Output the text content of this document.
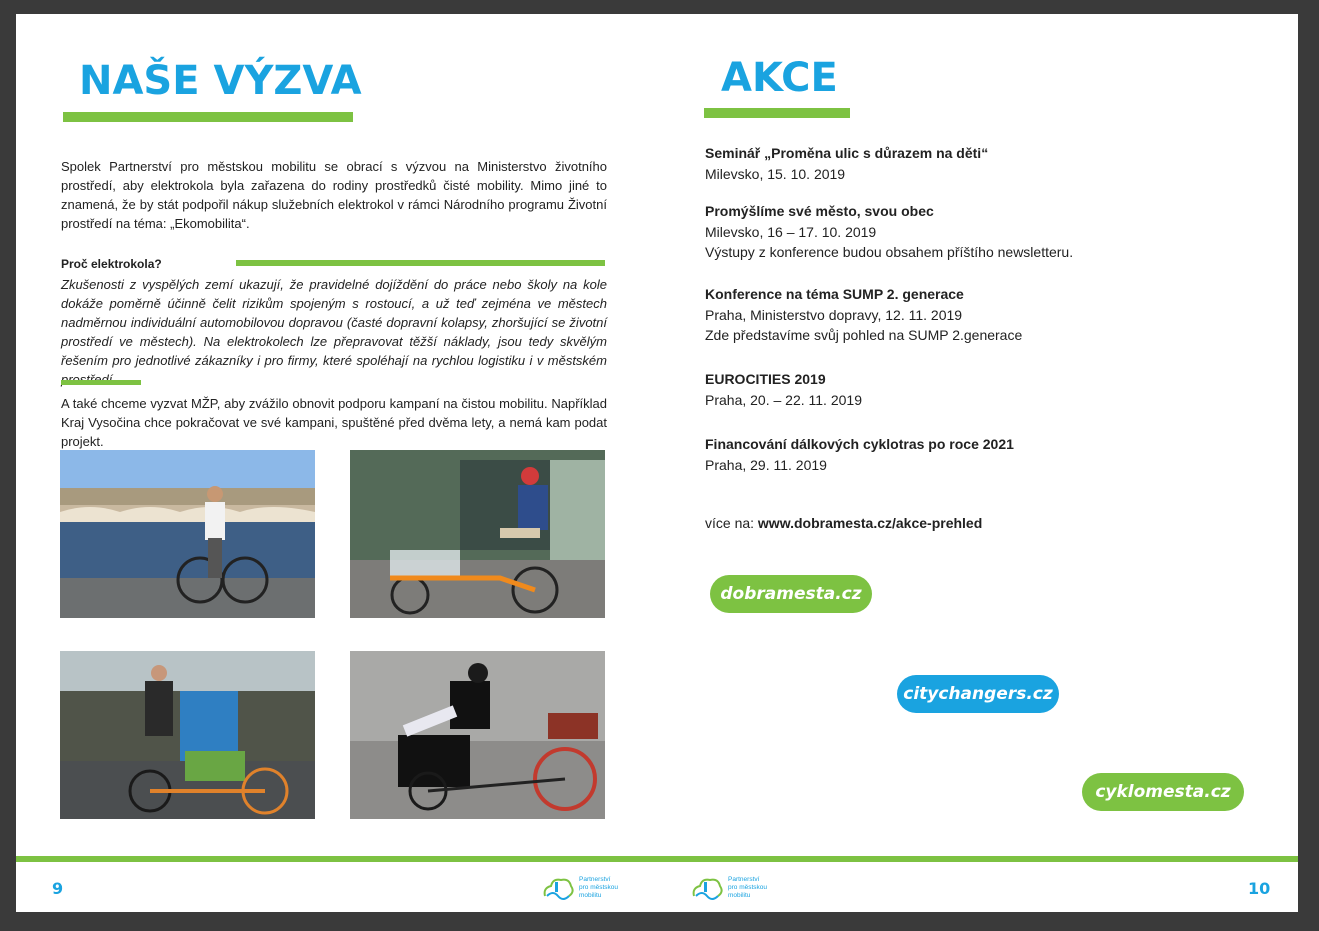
NAŠE VÝZVA
Spolek Partnerství pro městskou mobilitu se obrací s výzvou na Ministerstvo životního prostředí, aby elektrokola byla zařazena do rodiny prostředků čisté mobility. Mimo jiné to znamená, že by stát podpořil nákup služebních elektrokol v rámci Národního programu Životní prostředí na téma: „Ekomobilita“.
Proč elektrokola?
Zkušenosti z vyspělých zemí ukazují, že pravidelné dojíždění do práce nebo školy na kole dokáže poměrně účinně čelit rizikům spojeným s rostoucí, a už teď zejména ve městech nadměrnou individuální automobilovou dopravou (časté dopravní kolapsy, zhoršující se životní prostředí ve městech). Na elektrokolech lze přepravovat těžší náklady, jsou tedy skvělým řešením pro jednotlivé zákazníky i pro firmy, které spoléhají na rychlou logistiku i v městském
A také chceme vyzvat MŽP, aby zvážilo obnovit podporu kampaní na čistou mobilitu. Například Kraj Vysočina chce pokračovat ve své kampani, spuštěné před dvěma lety, a nemá kam podat projekt.
AKCE
Seminář „Proměna ulic s důrazem na děti“
Milevsko, 15. 10. 2019
Promýšlíme své město, svou obec
Milevsko, 16 – 17. 10. 2019
Výstupy z konference budou obsahem příštího newsletteru.
Konference na téma SUMP 2. generace
Praha, Ministerstvo dopravy, 12. 11. 2019
Zde představíme svůj pohled na SUMP 2.generace
EUROCITIES 2019
Praha, 20. – 22. 11. 2019
Financování dálkových cyklotras po roce 2021
Praha, 29. 11. 2019
více na: www.dobramesta.cz/akce-prehled
dobramesta.cz
citychangers.cz
cyklomesta.cz
9	10
Partnerství
pro městskou
mobilitu
Partnerství
pro městskou
mobilitu
